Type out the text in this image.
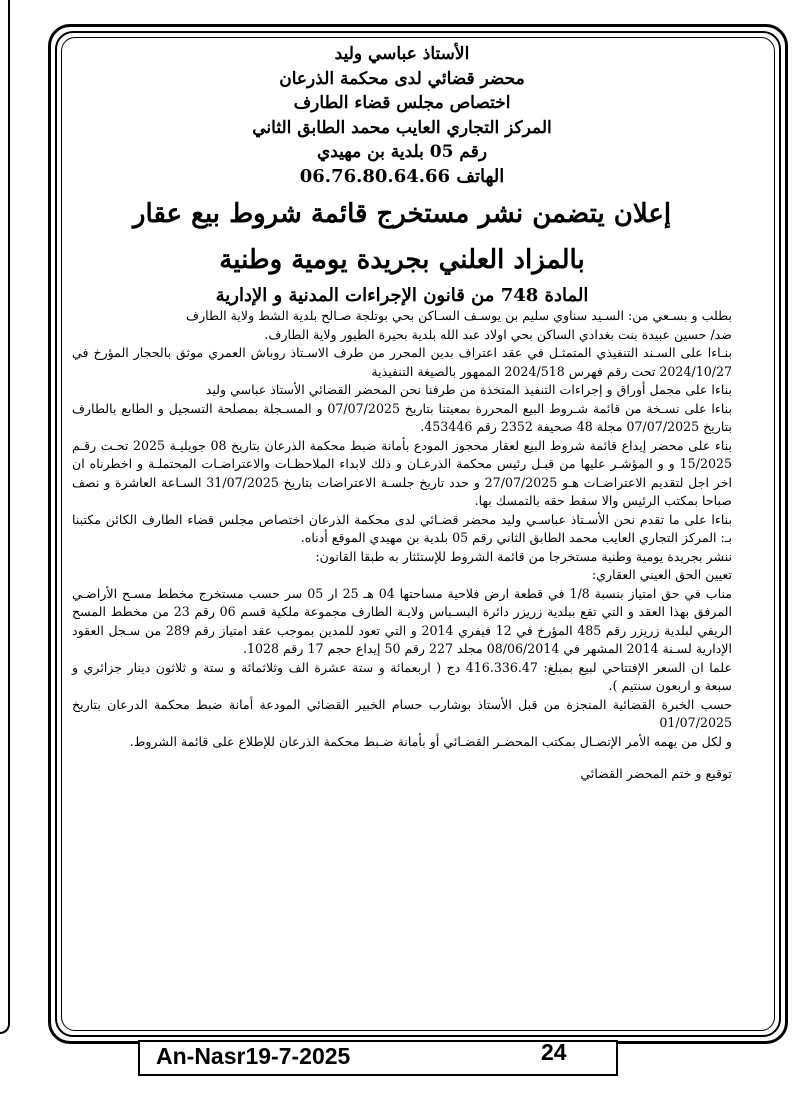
الأستاذ عباسي وليد
محضر قضائي لدى محكمة الذرعان
اختصاص مجلس قضاء الطارف
المركز التجاري العايب محمد الطابق الثاني
رقم 05 بلدية بن مهيدي
الهاتف 06.76.80.64.66
إعلان يتضمن نشر مستخرج قائمة شروط بيع عقار
بالمزاد العلني بجريدة يومية وطنية
المادة 748 من قانون الإجراءات المدنية و الإدارية

بطلب و بسـعي من: السـيد سناوي سليم بن يوسـف السـاكن بحي بوتلجة صـالح بلدية الشط ولاية الطارف

ضد/ حسين عبيدة بنت بغدادي الساكن بحي اولاد عبد الله بلدية بحيرة الطيور ولاية الطارف.

بنـاءا على السـند التنفيذي المتمثـل في عقد اعتراف بدين المحرر من طرف الاسـتاذ روباش العمري موثق بالحجار المؤرخ في 2024/10/27 تحت رقم فهرس 2024/518 الممهور بالصيغة التنفيذية

بناءا على مجمل أوراق و إجراءات التنفيذ المتخذة من طرفنا نحن المحضر القضائي الأستاذ عباسي وليد

بناءا على نسـخة من قائمة شـروط البيع المحررة بمعيتنا بتاريخ 07/07/2025 و المسـجلة بمصلحة التسجيل و الطابع بالطارف بتاريخ 07/07/2025 مجلة 48 صحيفة 2352 رقم 453446.

بناء على محضر إيداع قائمة شروط البيع لعقار محجوز المودع بأمانة ضبط محكمة الذرعان بتاريخ 08 جويليـة 2025 تحـت رقـم 15/2025 و و المؤشـر عليها من قبـل رئيس محكمة الذرعـان و ذلك لابداء الملاحظـات والاعتراضـات المحتملـة و اخطرناه ان اخر اجل لتقديم الاعتراضـات هـو 27/07/2025 و حدد تاريخ جلسـة الاعتراضات بتاريخ 31/07/2025 السـاعة العاشرة و نصف صباحا بمكتب الرئيس والا سقط حقه بالتمسك بها.

بناءا على ما تقدم نحن الأسـتاذ عباسـي وليد محضر قضـائي لدى محكمة الذرعان اختصاص مجلس قضاء الطارف الكائن مكتبنا بـ: المركز التجاري العايب محمد الطابق الثاني رقم 05 بلدية بن مهيدي الموقع أدناه.

ننشر بجريدة يومية وطنية مستخرجا من قائمة الشروط للإستئثار به طبقا القانون:

تعيين الحق العيني العقاري:

مناب في حق امتياز بنسبة 1/8 في قطعة ارض فلاحية مساحتها 04 هـ 25 ار 05 سر حسب مستخرج مخطط مسـح الأراضـي المرفق بهذا العقد و التي تقع ببلدية زريزر دائرة البسـباس ولايـة الطارف مجموعة ملكية قسم 06 رقم 23 من مخطط المسح الريفي لبلدية زريزر رقم 485 المؤرخ في 12 فيفري 2014 و التي تعود للمدين بموجب عقد امتياز رقم 289 من سـجل العقود الإدارية لسـنة 2014 المشهر في 08/06/2014 مجلد 227 رقم 50 إيداع حجم 17 رقم 1028.

علما ان السعر الإفتتاحي لبيع بمبلغ: 416.336.47 دج ( اربعمائة و ستة عشرة الف وثلاثمائة و ستة و ثلاثون دينار جزائري و سبعة و اربعون سنتيم ).

حسب الخبرة القضائية المنجزة من قبل الأستاذ بوشارب حسام الخبير القضائي المودعة أمانة ضبط محكمة الدرعان بتاريخ 01/07/2025

و لكل من يهمه الأمر الإتصـال بمكتب المحضـر القضـائي أو بأمانة ضـبط محكمة الذرعان للإطلاع على قائمة الشروط.

توقيع و ختم المحضر القضائي

An-Nasr19-7-2025	24
